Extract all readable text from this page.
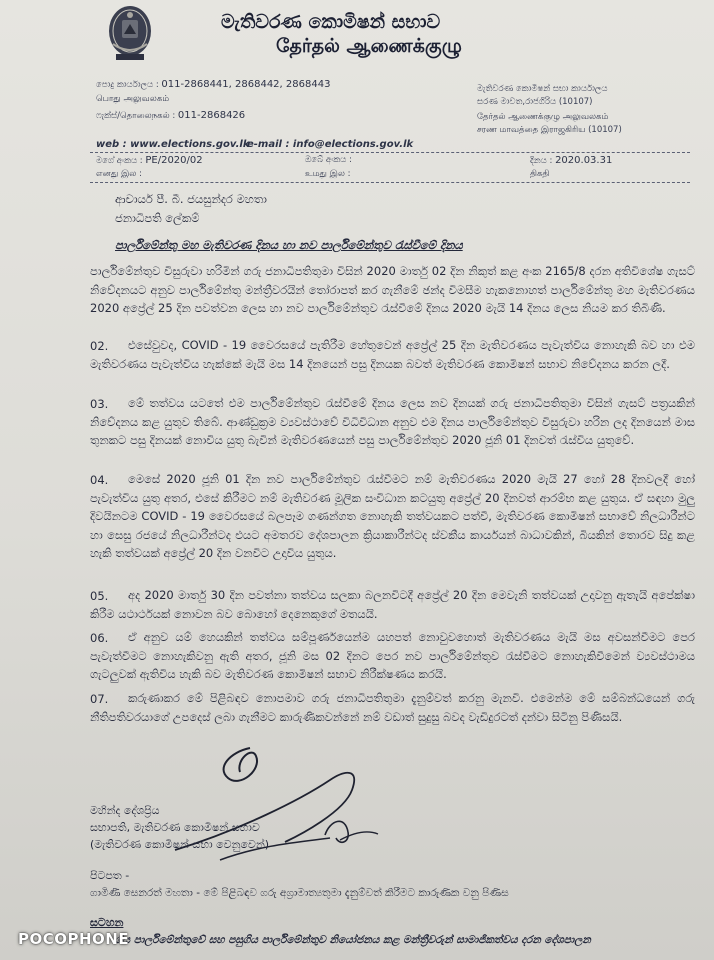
මැතිවරණ කොමිෂන් සභාව
தேர்தல் ஆணைக்குழு
පොදු කාර්යාලය : 011-2868441, 2868442, 2868443
பொது அலுவலகம்
ෆැක්ස්/தொலைநகல் : 011-2868426
මැතිවරණ කොමිෂන් සභා කාර්යාලය
සරණ මාවත,රාජගිරිය (10107)
தேர்தல் ஆணைக்குழு அலுவலகம்
சரண மாவத்தை இராஜகிரிய (10107)
web : www.elections.gov.lk
e-mail : info@elections.gov.lk
මගේ අංකය : PE/2020/02
எனது இல :
ඔබේ අංකය :
உமது இல :
දිනය : 2020.03.31
திகதி
ආචාර්ය පී. බී. ජයසුන්දර මහතා
ජනාධිපති ලේකම්
පාර්ලිමේන්තු මහ මැතිවරණ දිනය හා නව පාර්ලිමේන්තුව රැස්වීමේ දිනය
පාර්ලිමේන්තුව විසුරුවා හරිමින් ගරු ජනාධිපතිතුමා විසින් 2020 මාර්තු 02 දින නිකුත් කළ අංක 2165/8 දරන අතිවිශේෂ ගැසට් නිවේදනයට අනුව පාර්ලිමේන්තු මන්ත්‍රීවරයින් තෝරාපත් කර ගැනීමේ ඡන්ද විමසීම හැකනොහත් පාර්ලිමේන්තු මහ මැතිවරණය 2020 අප්‍රේල් 25 දින පවත්වන ලෙස හා නව පාර්ලිමේන්තුව රැස්වීමේ දිනය 2020 මැයි 14 දිනය ලෙස නියම කර තිබිණි.
02.	එසේවුවද, COVID - 19 වෛරසයේ පැතිරීම හේතුවෙන් අප්‍රේල් 25 දින මැතිවරණය පැවැත්විය නොහැකි බව හා එම මැතිවරණය පැවැත්විය හැක්කේ මැයි මස 14 දිනයෙන් පසු දිනයක බවත් මැතිවරණ කොමිෂන් සභාව නිවේදනය කරන ලදී.
03.	මේ තත්වය යටතේ එම පාර්ලිමේන්තුව රැස්වීමේ දිනය ලෙස නව දිනයක් ගරු ජනාධිපතිතුමා විසින් ගැසට් පත්‍රයකින් නිවේදනය කළ යුතුව තිබේ. ආණ්ඩුක්‍රම ව්‍යවස්ථාවේ විධිවිධාන අනුව එම දිනය පාර්ලිමේන්තුව විසුරුවා හරින ලද දිනයෙන් මාස තුනකට පසු දිනයක් නොවිය යුතු බැවින් මැතිවරණයෙන් පසු පාර්ලිමේන්තුව 2020 ජූනි 01 දිනවත් රැස්විය යුතුවේ.
04.	මෙසේ 2020 ජූනි 01 දින නව පාර්ලිමේන්තුව රැස්වීමට නම් මැතිවරණය 2020 මැයි 27 හෝ 28 දිනවලදී හෝ පැවැත්විය යුතු අතර, එසේ කිරීමට නම් මැතිවරණ මූලික සංවිධාන කටයුතු අප්‍රේල් 20 දිනවත් ආරම්භ කළ යුතුය. ඒ සඳහා මුලු දිවයිනටම COVID - 19 වෛරසයේ බලපෑම ගණන්ගත නොහැකි තත්වයකට පත්වී, මැතිවරණ කොමිෂන් සභාවේ නිලධාරීන්ට හා සෙසු රජයේ නිලධාරීන්ටද එයට අමතරව දේශපාලන ක්‍රියාකාරීන්ටද ස්වකීය කාර්යයන් බාධාවකින්, බියකින් තොරව සිදු කළ හැකි තත්වයක් අප්‍රේල් 20 දින වනවිට උදාවිය යුතුය.
05.	අද 2020 මාර්තු 30 දින පවත්නා තත්වය සලකා බලනවිටදී අප්‍රේල් 20 දින මෙවැනි තත්වයක් උදාවනු ඇතැයි අපේක්ෂා කිරීම යථාර්ථයක් නොවන බව බොහෝ දෙනෙකුගේ මතයයි.
06.	ඒ අනුව යම් හෙයකින් තත්වය සම්පූර්ණයෙන්ම යහපත් නොවුවහොත් මැතිවරණය මැයි මස අවසන්වීමට පෙර පැවැත්වීමට නොහැකිවනු ඇති අතර, ජූනි මස 02 දිනට පෙර නව පාර්ලිමේන්තුව රැස්වීමට නොහැකිවීමෙන් ව්‍යවස්ථාමය ගැටලුවක් ඇතිවිය හැකි බව මැතිවරණ කොමිෂන් සභාව නිරීක්ෂණය කරයි.
07.	කරුණාකර මේ පිළිබඳව නොපමාව ගරු ජනාධිපතිතුමා දැනුම්වත් කරනු මැනවි. එමෙන්ම මේ සම්බන්ධයෙන් ගරු නීතිපතිවරයාගේ උපදෙස් ලබා ගැනීමට කාරුණිකවන්නේ නම් වඩාත් සුදුසු බවද වැඩිදුරටත් දන්වා සිටිනු පිණිසයි.
මහින්ද දේශප්‍රිය
සභාපති, මැතිවරණ කොමිෂන් සභාව
(මැතිවරණ කොමිෂන් සභා වෙනුවෙන්)
පිටපත -
ගාමිණී සෙනරත් මහතා - මේ පිළිබඳව ගරු අග්‍රාමාත්‍යතුමා දැනුම්වත් කිරීමට කාරුණික වනු පිණිස
සටහන
ගිය පාර්ලිමේන්තුවේ සහ පසුගිය පාර්ලිමේන්තුව නියෝජනය කළ මන්ත්‍රීවරුන් සාමාජිකත්වය දරන දේශපාලන
POCOPHONE
